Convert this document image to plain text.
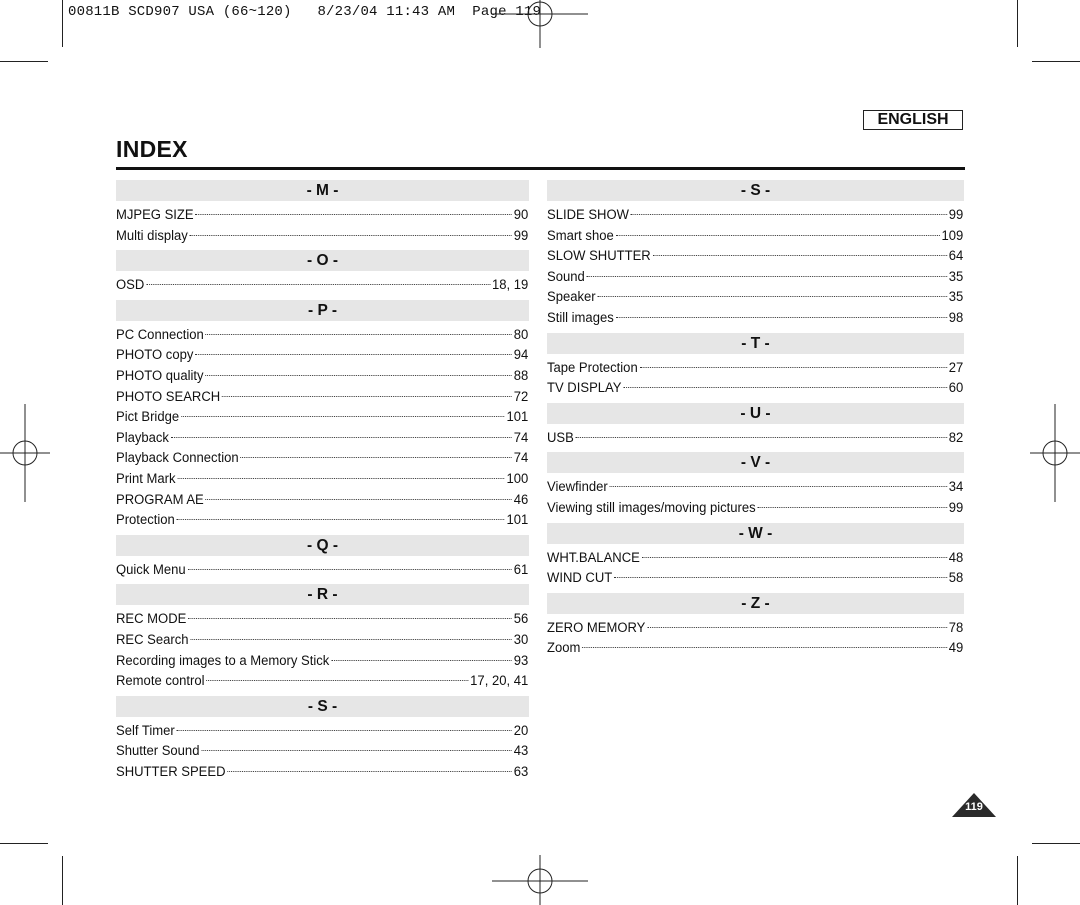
00811B SCD907 USA (66~120)   8/23/04 11:43 AM  Page 119
ENGLISH
INDEX
- M -
MJPEG SIZE	90
Multi display	99
- O -
OSD	18, 19
- P -
PC Connection	80
PHOTO copy	94
PHOTO quality	88
PHOTO SEARCH	72
Pict Bridge	101
Playback	74
Playback Connection	74
Print Mark	100
PROGRAM AE	46
Protection	101
- Q -
Quick Menu	61
- R -
REC MODE	56
REC Search	30
Recording images to a Memory Stick	93
Remote control	17, 20, 41
- S -
Self Timer	20
Shutter Sound	43
SHUTTER SPEED	63
- S -
SLIDE SHOW	99
Smart shoe	109
SLOW SHUTTER	64
Sound	35
Speaker	35
Still images	98
- T -
Tape Protection	27
TV DISPLAY	60
- U -
USB	82
- V -
Viewfinder	34
Viewing still images/moving pictures	99
- W -
WHT.BALANCE	48
WIND CUT	58
- Z -
ZERO MEMORY	78
Zoom	49
119
